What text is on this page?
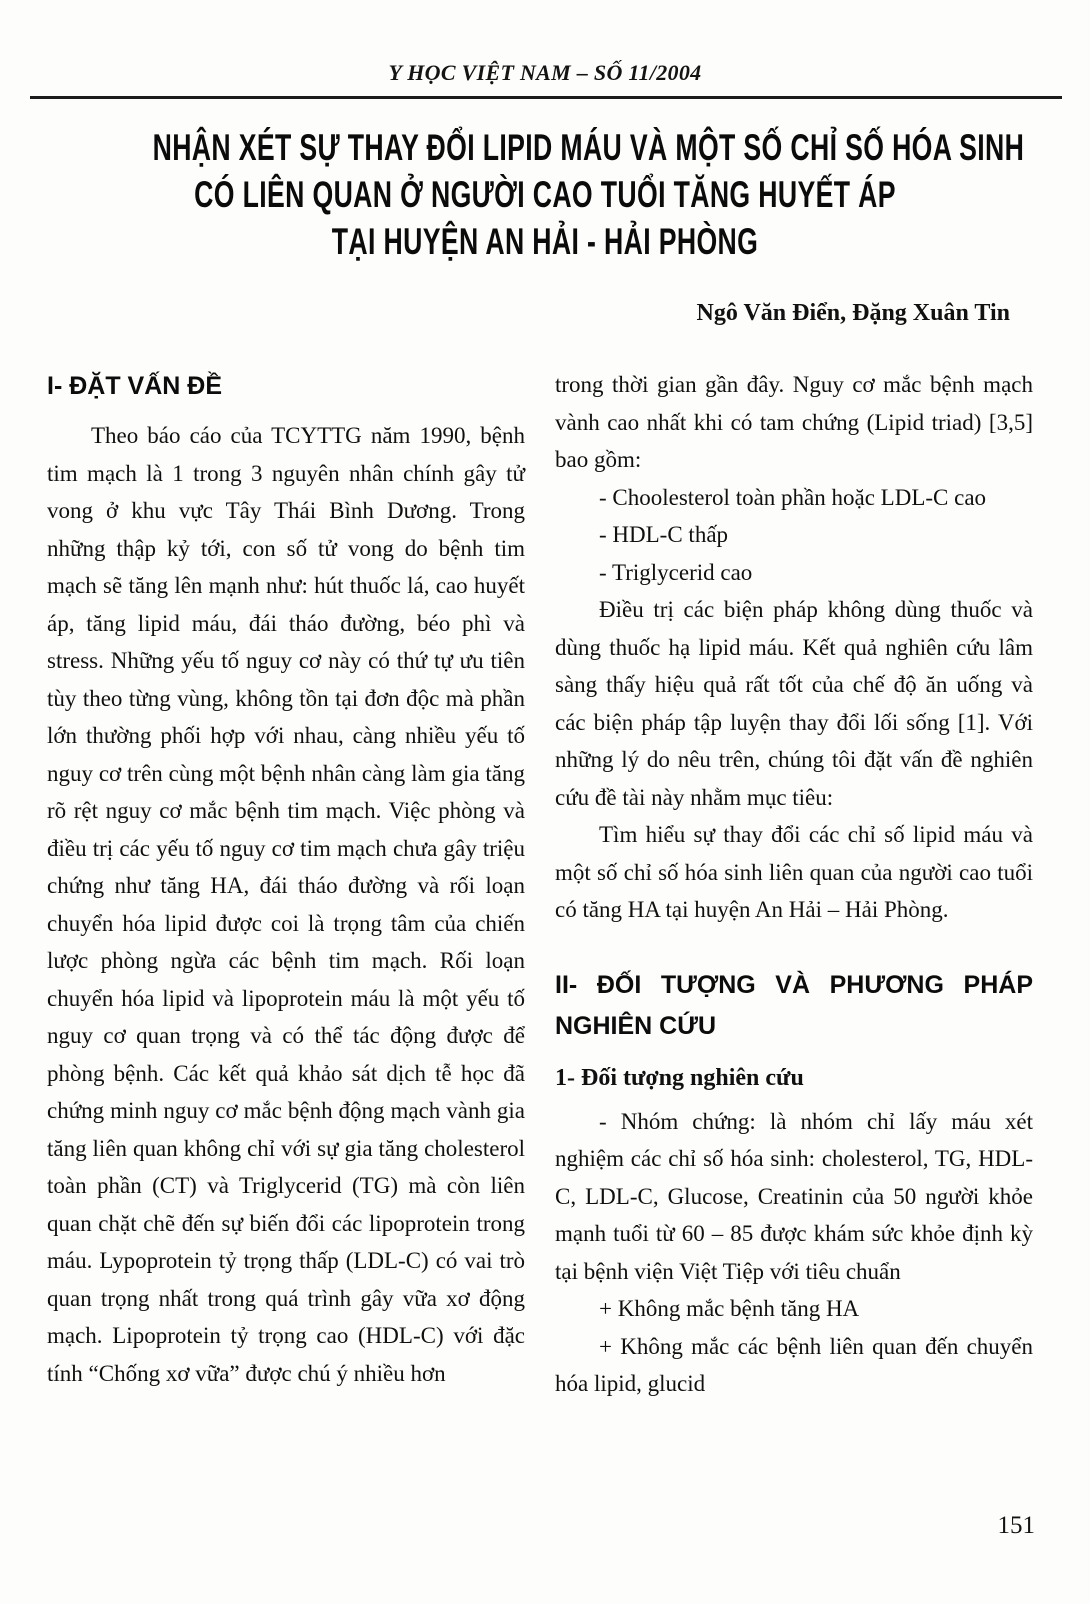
Y HỌC VIỆT NAM – SỐ 11/2004
NHẬN XÉT SỰ THAY ĐỔI LIPID MÁU VÀ MỘT SỐ CHỈ SỐ HÓA SINH
CÓ LIÊN QUAN Ở NGƯỜI CAO TUỔI TĂNG HUYẾT ÁP
TẠI HUYỆN AN HẢI - HẢI PHÒNG
Ngô Văn Điển, Đặng Xuân Tin
I- ĐẶT VẤN ĐỀ

Theo báo cáo của TCYTTG năm 1990, bệnh tim mạch là 1 trong 3 nguyên nhân chính gây tử vong ở khu vực Tây Thái Bình Dương. Trong những thập kỷ tới, con số tử vong do bệnh tim mạch sẽ tăng lên mạnh như: hút thuốc lá, cao huyết áp, tăng lipid máu, đái tháo đường, béo phì và stress. Những yếu tố nguy cơ này có thứ tự ưu tiên tùy theo từng vùng, không tồn tại đơn độc mà phần lớn thường phối hợp với nhau, càng nhiều yếu tố nguy cơ trên cùng một bệnh nhân càng làm gia tăng rõ rệt nguy cơ mắc bệnh tim mạch. Việc phòng và điều trị các yếu tố nguy cơ tim mạch chưa gây triệu chứng như tăng HA, đái tháo đường và rối loạn chuyển hóa lipid được coi là trọng tâm của chiến lược phòng ngừa các bệnh tim mạch. Rối loạn chuyển hóa lipid và lipoprotein máu là một yếu tố nguy cơ quan trọng và có thể tác động được để phòng bệnh. Các kết quả khảo sát dịch tễ học đã chứng minh nguy cơ mắc bệnh động mạch vành gia tăng liên quan không chỉ với sự gia tăng cholesterol toàn phần (CT) và Triglycerid (TG) mà còn liên quan chặt chẽ đến sự biến đổi các lipoprotein trong máu. Lypoprotein tỷ trọng thấp (LDL-C) có vai trò quan trọng nhất trong quá trình gây vữa xơ động mạch. Lipoprotein tỷ trọng cao (HDL-C) với đặc tính “Chống xơ vữa” được chú ý nhiều hơn

trong thời gian gần đây. Nguy cơ mắc bệnh mạch vành cao nhất khi có tam chứng (Lipid triad) [3,5] bao gồm:

- Choolesterol toàn phần hoặc LDL-C cao

- HDL-C thấp

- Triglycerid cao

Điều trị các biện pháp không dùng thuốc và dùng thuốc hạ lipid máu. Kết quả nghiên cứu lâm sàng thấy hiệu quả rất tốt của chế độ ăn uống và các biện pháp tập luyện thay đổi lối sống [1]. Với những lý do nêu trên, chúng tôi đặt vấn đề nghiên cứu đề tài này nhằm mục tiêu:

Tìm hiểu sự thay đổi các chỉ số lipid máu và một số chỉ số hóa sinh liên quan của người cao tuổi có tăng HA tại huyện An Hải – Hải Phòng.

II- ĐỐI TƯỢNG VÀ PHƯƠNG PHÁP NGHIÊN CỨU
1- Đối tượng nghiên cứu

- Nhóm chứng: là nhóm chỉ lấy máu xét nghiệm các chỉ số hóa sinh: cholesterol, TG, HDL-C, LDL-C, Glucose, Creatinin của 50 người khỏe mạnh tuổi từ 60 – 85 được khám sức khỏe định kỳ tại bệnh viện Việt Tiệp với tiêu chuẩn

+ Không mắc bệnh tăng HA

+ Không mắc các bệnh liên quan đến chuyển hóa lipid, glucid

151
